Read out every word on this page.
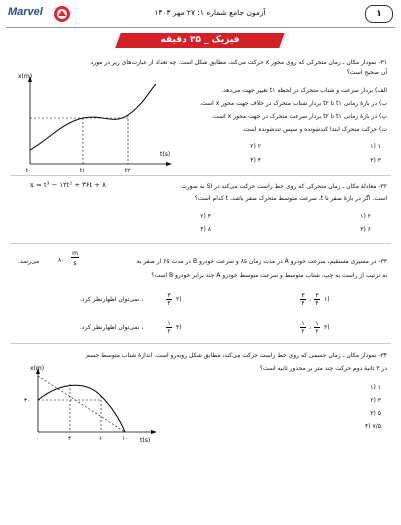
Marvel	آزمون جامع شماره ۱: ۲۷ مهر ۱۴۰۳	۱
فیزیک _ ۳۵ دقیقه
۳۱- نمودار مکان ـ زمان متحرکی که روی محور x حرکت می‌کند، مطابق شکل است. چه تعداد از عبارت‌های زیر در مورد
آن صحیح است؟
الف) بردار سرعت و شتاب متحرک در لحظه t۱ تغییر جهت می‌دهد.
ب) در بازهٔ زمانی t۱ تا t۲ بردار شتاب متحرک در خلاف جهت محور x است.
پ) در بازهٔ زمانی t۱ تا t۲ بردار سرعت متحرک در جهت محور x است.
ت) حرکت متحرک ابتدا کندشونده و سپس تندشونده است.
۱ (۱
۲ (۲
۳ (۳
۴ (۴
x(m)
t(s)
t۰	t۱	t۲
۳۲- معادلهٔ مکان ـ زمان متحرکی که روی خط راست حرکت می‌کند در SI به صورت
x = t³ − ۱۲t² + ۳۶t + ۸
است. اگر در بازهٔ صفر تا t، سرعت متوسط متحرک صفر باشد، t کدام است؟
۲ (۱
۴ (۲
۶ (۳
۸ (۴
۳۳- در مسیری مستقیم، سرعت خودرو A در مدت زمان ۸s و سرعت خودرو B در مدت ۶s از صفر به
۸۰
m
s
می‌رسد.
به ترتیب از راست به چپ، شتاب متوسط و سرعت متوسط خودرو A چند برابر خودرو B است؟
۳
۴
،
۳
۴
۱)
۱
۲
،
۱
۲
۳)
، نمی‌توان اظهارنظر کرد.
۳
۴
۲)
، نمی‌توان اظهارنظر کرد.
۱
۲
۴)
۳۴- نمودار مکان ـ زمان جسمی که روی خط راست حرکت می‌کند، مطابق شکل روبه‌رو است. اندازهٔ شتاب متوسط جسم
در ۳ ثانیهٔ دوم حرکت چند متر بر مجذور ثانیه است؟
۱ (۱
۳ (۲
۵ (۳
۷/۵ (۴
x(m)
t(s)
۳۰
۰	۳	۶	۱۰
